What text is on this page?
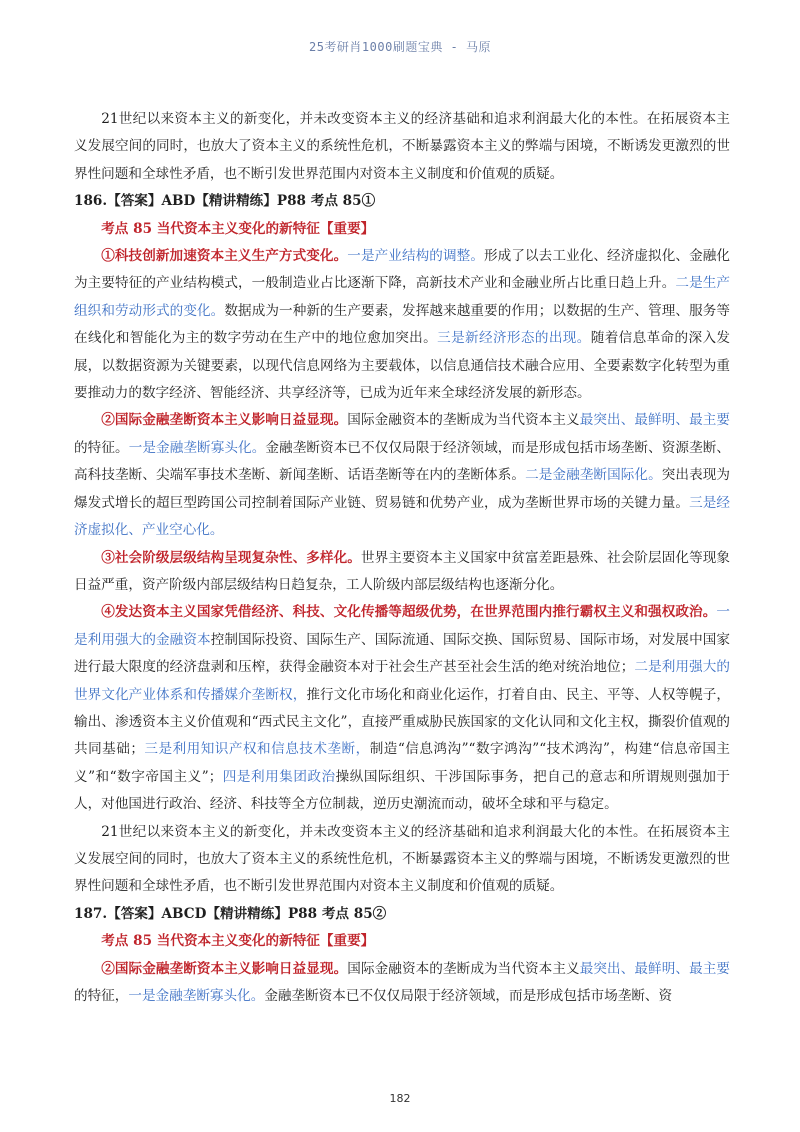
25考研肖1000刷题宝典 - 马原

21世纪以来资本主义的新变化，并未改变资本主义的经济基础和追求利润最大化的本性。在拓展资本主义发展空间的同时，也放大了资本主义的系统性危机，不断暴露资本主义的弊端与困境，不断诱发更激烈的世界性问题和全球性矛盾，也不断引发世界范围内对资本主义制度和价值观的质疑。

186.【答案】ABD【精讲精练】P88 考点 85①

考点 85 当代资本主义变化的新特征【重要】

①科技创新加速资本主义生产方式变化。一是产业结构的调整。形成了以去工业化、经济虚拟化、金融化为主要特征的产业结构模式，一般制造业占比逐渐下降，高新技术产业和金融业所占比重日趋上升。二是生产组织和劳动形式的变化。数据成为一种新的生产要素，发挥越来越重要的作用；以数据的生产、管理、服务等在线化和智能化为主的数字劳动在生产中的地位愈加突出。三是新经济形态的出现。随着信息革命的深入发展，以数据资源为关键要素，以现代信息网络为主要载体，以信息通信技术融合应用、全要素数字化转型为重要推动力的数字经济、智能经济、共享经济等，已成为近年来全球经济发展的新形态。

②国际金融垄断资本主义影响日益显现。国际金融资本的垄断成为当代资本主义最突出、最鲜明、最主要的特征。一是金融垄断寡头化。金融垄断资本已不仅仅局限于经济领域，而是形成包括市场垄断、资源垄断、高科技垄断、尖端军事技术垄断、新闻垄断、话语垄断等在内的垄断体系。二是金融垄断国际化。突出表现为爆发式增长的超巨型跨国公司控制着国际产业链、贸易链和优势产业，成为垄断世界市场的关键力量。三是经济虚拟化、产业空心化。

③社会阶级层级结构呈现复杂性、多样化。世界主要资本主义国家中贫富差距悬殊、社会阶层固化等现象日益严重，资产阶级内部层级结构日趋复杂，工人阶级内部层级结构也逐渐分化。

④发达资本主义国家凭借经济、科技、文化传播等超级优势，在世界范围内推行霸权主义和强权政治。一是利用强大的金融资本控制国际投资、国际生产、国际流通、国际交换、国际贸易、国际市场，对发展中国家进行最大限度的经济盘剥和压榨，获得金融资本对于社会生产甚至社会生活的绝对统治地位；二是利用强大的世界文化产业体系和传播媒介垄断权，推行文化市场化和商业化运作，打着自由、民主、平等、人权等幌子，输出、渗透资本主义价值观和“西式民主文化”，直接严重威胁民族国家的文化认同和文化主权，撕裂价值观的共同基础；三是利用知识产权和信息技术垄断，制造“信息鸿沟”“数字鸿沟”“技术鸿沟”，构建“信息帝国主义”和“数字帝国主义”；四是利用集团政治操纵国际组织、干涉国际事务，把自己的意志和所谓规则强加于人，对他国进行政治、经济、科技等全方位制裁，逆历史潮流而动，破坏全球和平与稳定。

21世纪以来资本主义的新变化，并未改变资本主义的经济基础和追求利润最大化的本性。在拓展资本主义发展空间的同时，也放大了资本主义的系统性危机，不断暴露资本主义的弊端与困境，不断诱发更激烈的世界性问题和全球性矛盾，也不断引发世界范围内对资本主义制度和价值观的质疑。

187.【答案】ABCD【精讲精练】P88 考点 85②

考点 85 当代资本主义变化的新特征【重要】

②国际金融垄断资本主义影响日益显现。国际金融资本的垄断成为当代资本主义最突出、最鲜明、最主要的特征，一是金融垄断寡头化。金融垄断资本已不仅仅局限于经济领域，而是形成包括市场垄断、资

182
